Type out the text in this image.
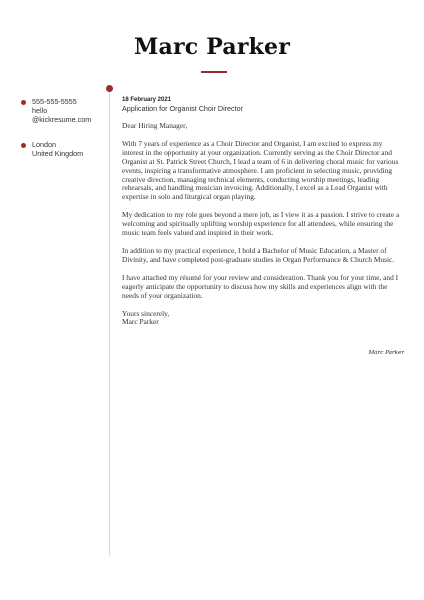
Marc Parker
555-555-5555
hello
@kickresume.com
London
United Kingdom
18 February 2021
Application for Organist Choir Director
Dear Hiring Manager,

With 7 years of experience as a Choir Director and Organist, I am excited to express my interest in the opportunity at your organization. Currently serving as the Choir Director and Organist at St. Patrick Street Church, I lead a team of 6 in delivering choral music for various events, inspiring a transformative atmosphere. I am proficient in selecting music, providing creative direction, managing technical elements, conducting worship meetings, leading rehearsals, and handling musician invoicing. Additionally, I excel as a Lead Organist with expertise in solo and liturgical organ playing.

My dedication to my role goes beyond a mere job, as I view it as a passion. I strive to create a welcoming and spiritually uplifting worship experience for all attendees, while ensuring the music team feels valued and inspired in their work.

In addition to my practical experience, I hold a Bachelor of Music Education, a Master of Divinity, and have completed post-graduate studies in Organ Performance & Church Music.

I have attached my résumé for your review and consideration. Thank you for your time, and I eagerly anticipate the opportunity to discuss how my skills and experiences align with the needs of your organization.

Yours sincerely,
Marc Parker
Marc Parker
